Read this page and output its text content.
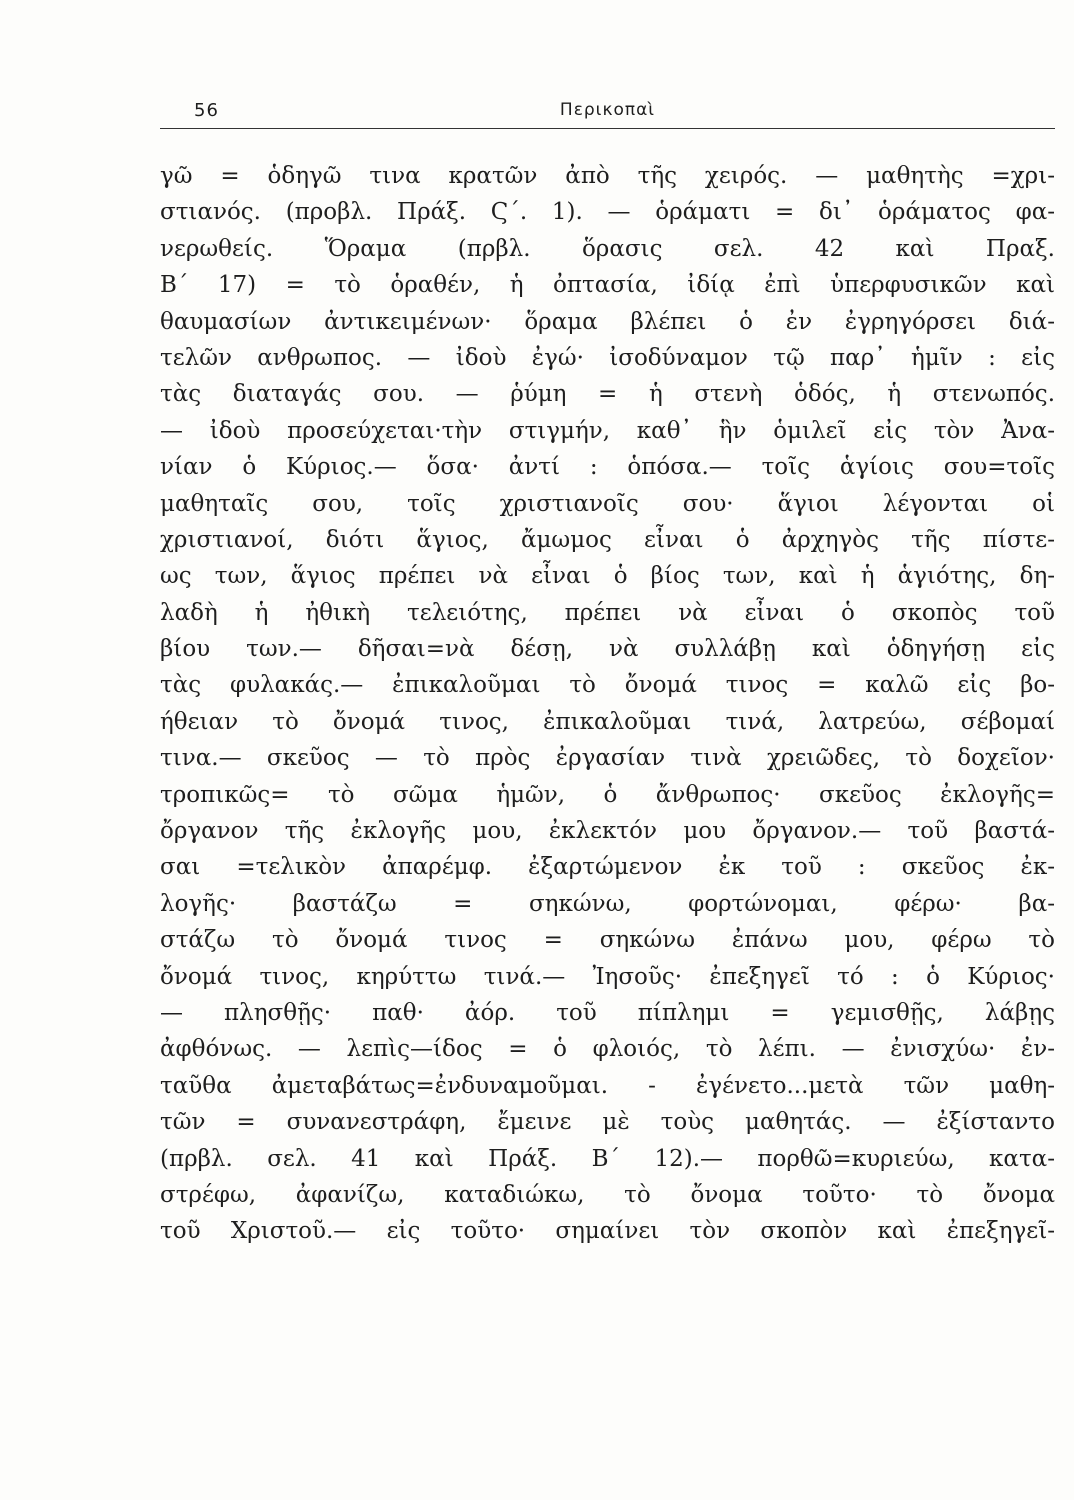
56	Περικοπαὶ
γῶ = ὁδηγῶ τινα κρατῶν ἀπὸ τῆς χειρός. — μαθητὴς =χρι-
στιανός. (προβλ. Πράξ. Ϛ΄. 1). — ὁράματι = δι᾽ ὁράματος φα-
νερωθείς. Ὅραμα (πρβλ. ὅρασις σελ. 42 καὶ Πραξ.
Β΄ 17) = τὸ ὁραθέν, ἡ ὀπτασία, ἰδίᾳ ἐπὶ ὑπερφυσικῶν καὶ
θαυμασίων ἀντικειμένων· ὅραμα βλέπει ὁ ἐν ἐγρηγόρσει διά-
τελῶν ανθρωπος. — ἰδοὺ ἐγώ· ἰσοδύναμον τῷ παρ᾽ ἡμῖν : εἰς
τὰς διαταγάς σου. — ῥύμη = ἡ στενὴ ὁδός, ἡ στενωπός.
— ἰδοὺ προσεύχεται·τὴν στιγμήν, καθ᾽ ἣν ὁμιλεῖ εἰς τὸν Ἀνα-
νίαν ὁ Κύριος.— ὅσα· ἀντί : ὁπόσα.— τοῖς ἁγίοις σου=τοῖς
μαθηταῖς σου, τοῖς χριστιανοῖς σου· ἅγιοι λέγονται οἱ
χριστιανοί, διότι ἅγιος, ἄμωμος εἶναι ὁ ἀρχηγὸς τῆς πίστε-
ως των, ἅγιος πρέπει νὰ εἶναι ὁ βίος των, καὶ ἡ ἁγιότης, δη-
λαδὴ ἡ ἠθικὴ τελειότης, πρέπει νὰ εἶναι ὁ σκοπὸς τοῦ
βίου των.— δῆσαι=νὰ δέσῃ, νὰ συλλάβῃ καὶ ὁδηγήσῃ εἰς
τὰς φυλακάς.— ἐπικαλοῦμαι τὸ ὄνομά τινος = καλῶ εἰς βο-
ήθειαν τὸ ὄνομά τινος, ἐπικαλοῦμαι τινά, λατρεύω, σέβομαί
τινα.— σκεῦος — τὸ πρὸς ἐργασίαν τινὰ χρειῶδες, τὸ δοχεῖον·
τροπικῶς= τὸ σῶμα ἡμῶν, ὁ ἄνθρωπος· σκεῦος ἐκλογῆς=
ὄργανον τῆς ἐκλογῆς μου, ἐκλεκτόν μου ὄργανον.— τοῦ βαστά-
σαι =τελικὸν ἀπαρέμφ. ἐξαρτώμενον ἐκ τοῦ : σκεῦος ἐκ-
λογῆς· βαστάζω = σηκώνω, φορτώνομαι, φέρω· βα-
στάζω τὸ ὄνομά τινος = σηκώνω ἐπάνω μου, φέρω τὸ
ὄνομά τινος, κηρύττω τινά.— Ἰησοῦς· ἐπεξηγεῖ τό : ὁ Κύριος·
— πλησθῇς· παθ· ἀόρ. τοῦ πίπλημι = γεμισθῇς, λάβῃς
ἀφθόνως. — λεπὶς—ίδος = ὁ φλοιός, τὸ λέπι. — ἐνισχύω· ἐν-
ταῦθα ἀμεταβάτως=ἐνδυναμοῦμαι. - ἐγένετο...μετὰ τῶν μαθη-
τῶν = συνανεστράφη, ἔμεινε μὲ τοὺς μαθητάς. — ἐξίσταντο
(πρβλ. σελ. 41 καὶ Πράξ. Β΄ 12).— πορθῶ=κυριεύω, κατα-
στρέφω, ἀφανίζω, καταδιώκω, τὸ ὄνομα τοῦτο· τὸ ὄνομα
τοῦ Χριστοῦ.— εἰς τοῦτο· σημαίνει τὸν σκοπὸν καὶ ἐπεξηγεῖ-
